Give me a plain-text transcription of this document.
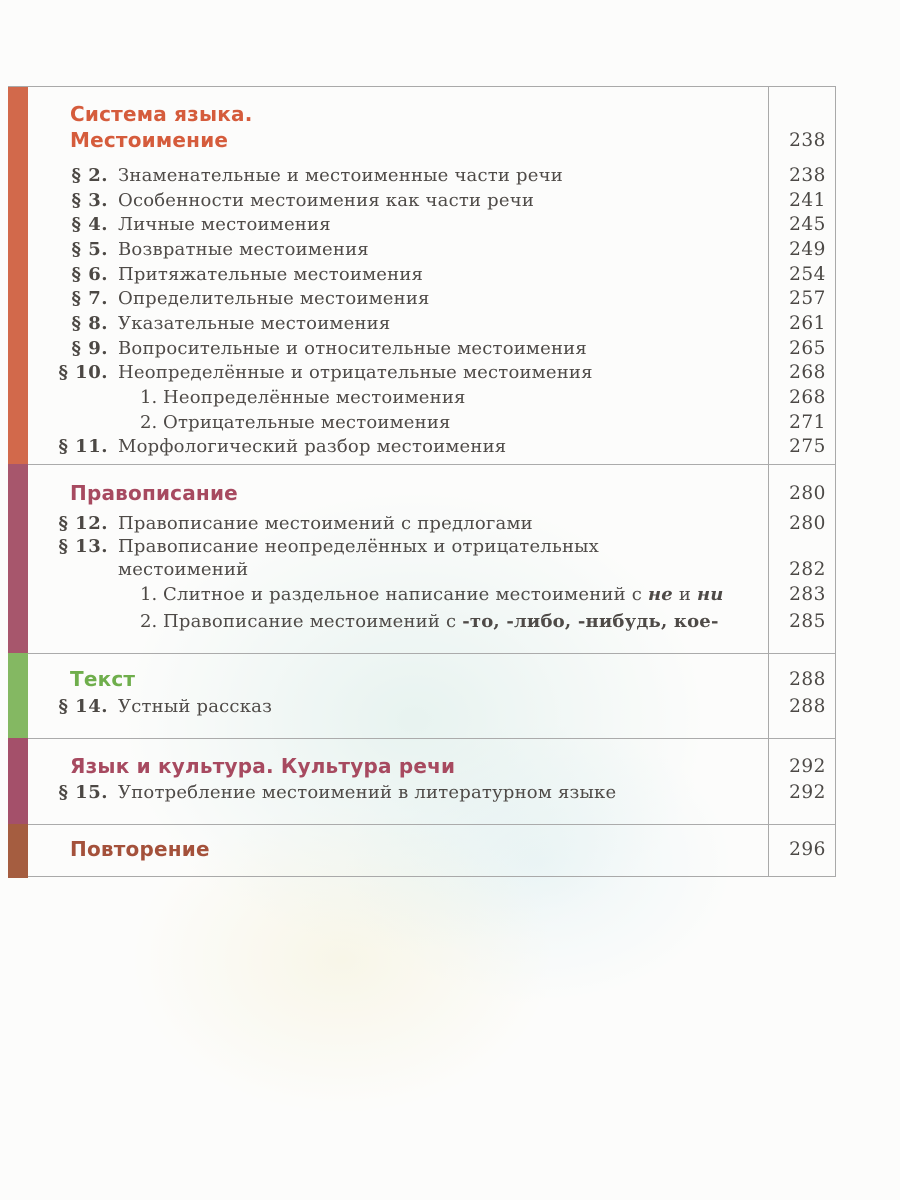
Система языка.
Местоимение	238
§ 2. Знаменательные и местоименные части речи	238
§ 3. Особенности местоимения как части речи	241
§ 4. Личные местоимения	245
§ 5. Возвратные местоимения	249
§ 6. Притяжательные местоимения	254
§ 7. Определительные местоимения	257
§ 8. Указательные местоимения	261
§ 9. Вопросительные и относительные местоимения	265
§ 10. Неопределённые и отрицательные местоимения	268
1. Неопределённые местоимения	268
2. Отрицательные местоимения	271
§ 11. Морфологический разбор местоимения	275
Правописание	280
§ 12. Правописание местоимений с предлогами	280
§ 13. Правописание неопределённых и отрицательных
местоимений	282
1. Слитное и раздельное написание местоимений с не и ни	283
2. Правописание местоимений с -то, -либо, -нибудь, кое-	285
Текст	288
§ 14. Устный рассказ	288
Язык и культура. Культура речи	292
§ 15. Употребление местоимений в литературном языке	292
Повторение	296
